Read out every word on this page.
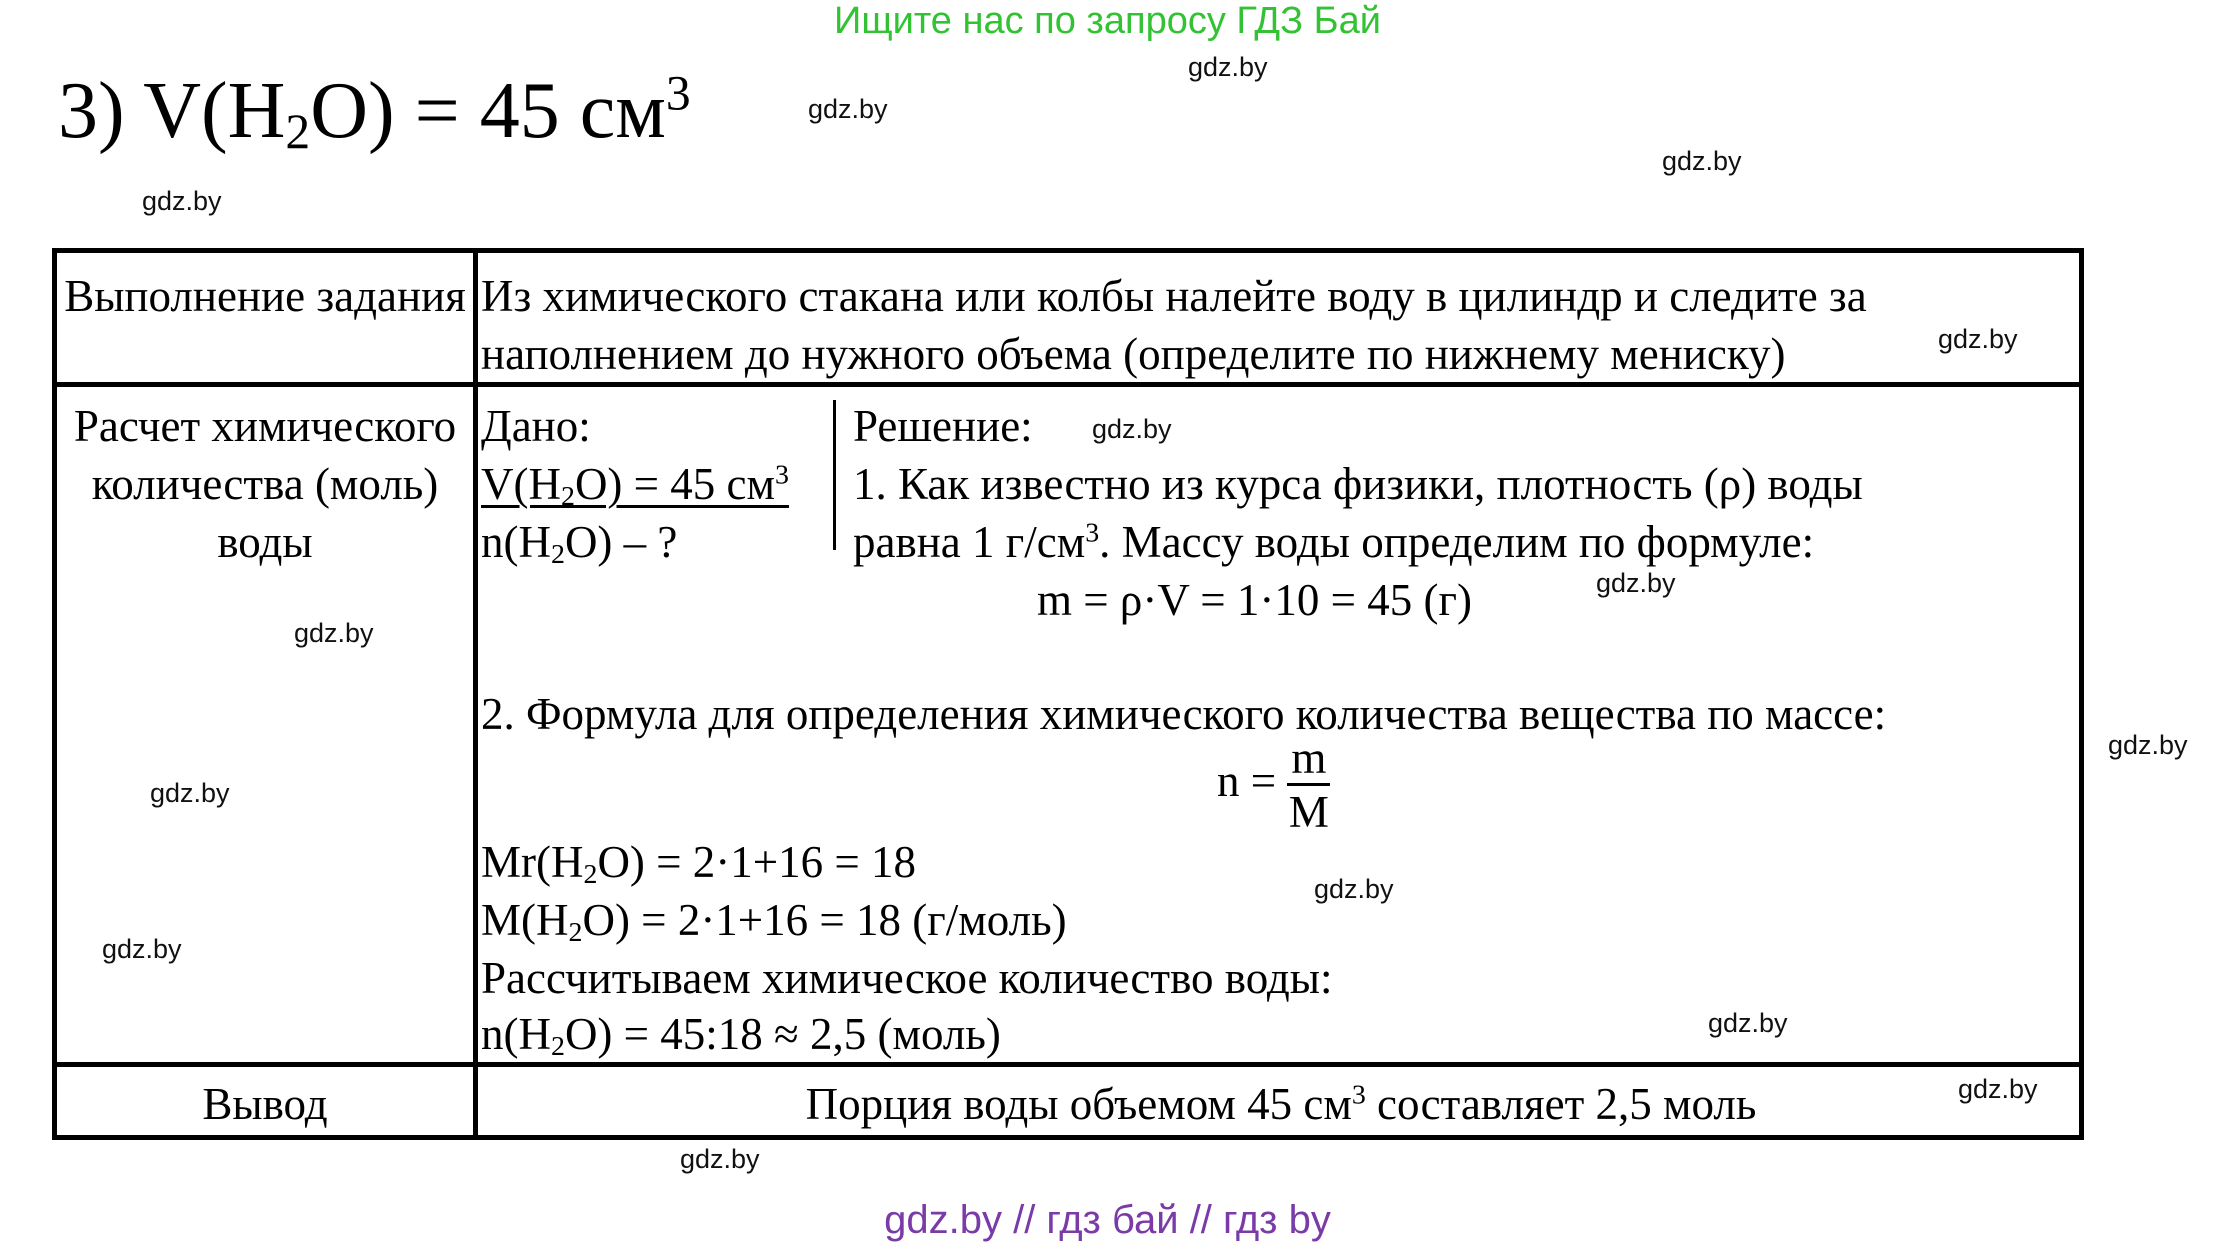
Ищите нас по запросу ГДЗ Бай
3) $V(H_2O) = 45$ $см^3$	gdz.by
gdz.by
gdz.by
gdz.by
gdz.by
gdz.by
gdz.by
gdz.by
gdz.by
gdz.by
gdz.by
gdz.by
gdz.by
gdz.by
gdz.by
Выполнение задания Из химического стакана или колбы налейте воду в цилиндр и следите за
наполнением до нужного объема (определите по нижнему мениску)
Расчет химического количества (моль) воды
Дано:
$V(H_2O) = 45$ $см^3$
$n(H_2O)$ – ?
Решение:
1. Как известно из курса физики, плотность (ρ) воды
равна 1 $г/см^3$. Массу воды определим по формуле:
m = ρ·V = 1·10 = 45 (г)
2. Формула для определения химического количества вещества по массе:
$n = \frac{m}{M}$
$Mr(H_2O) = 2\cdot 1+16 = 18$
$M(H_2O) = 2\cdot 1+16 = 18$ (г/моль)
Рассчитываем химическое количество воды:
$n(H_2O)$ = 45:18 ≈ 2,5 (моль)
Вывод	Порция воды объемом 45 $см^3$ составляет 2,5 моль
gdz.by // гдз бай // гдз by
